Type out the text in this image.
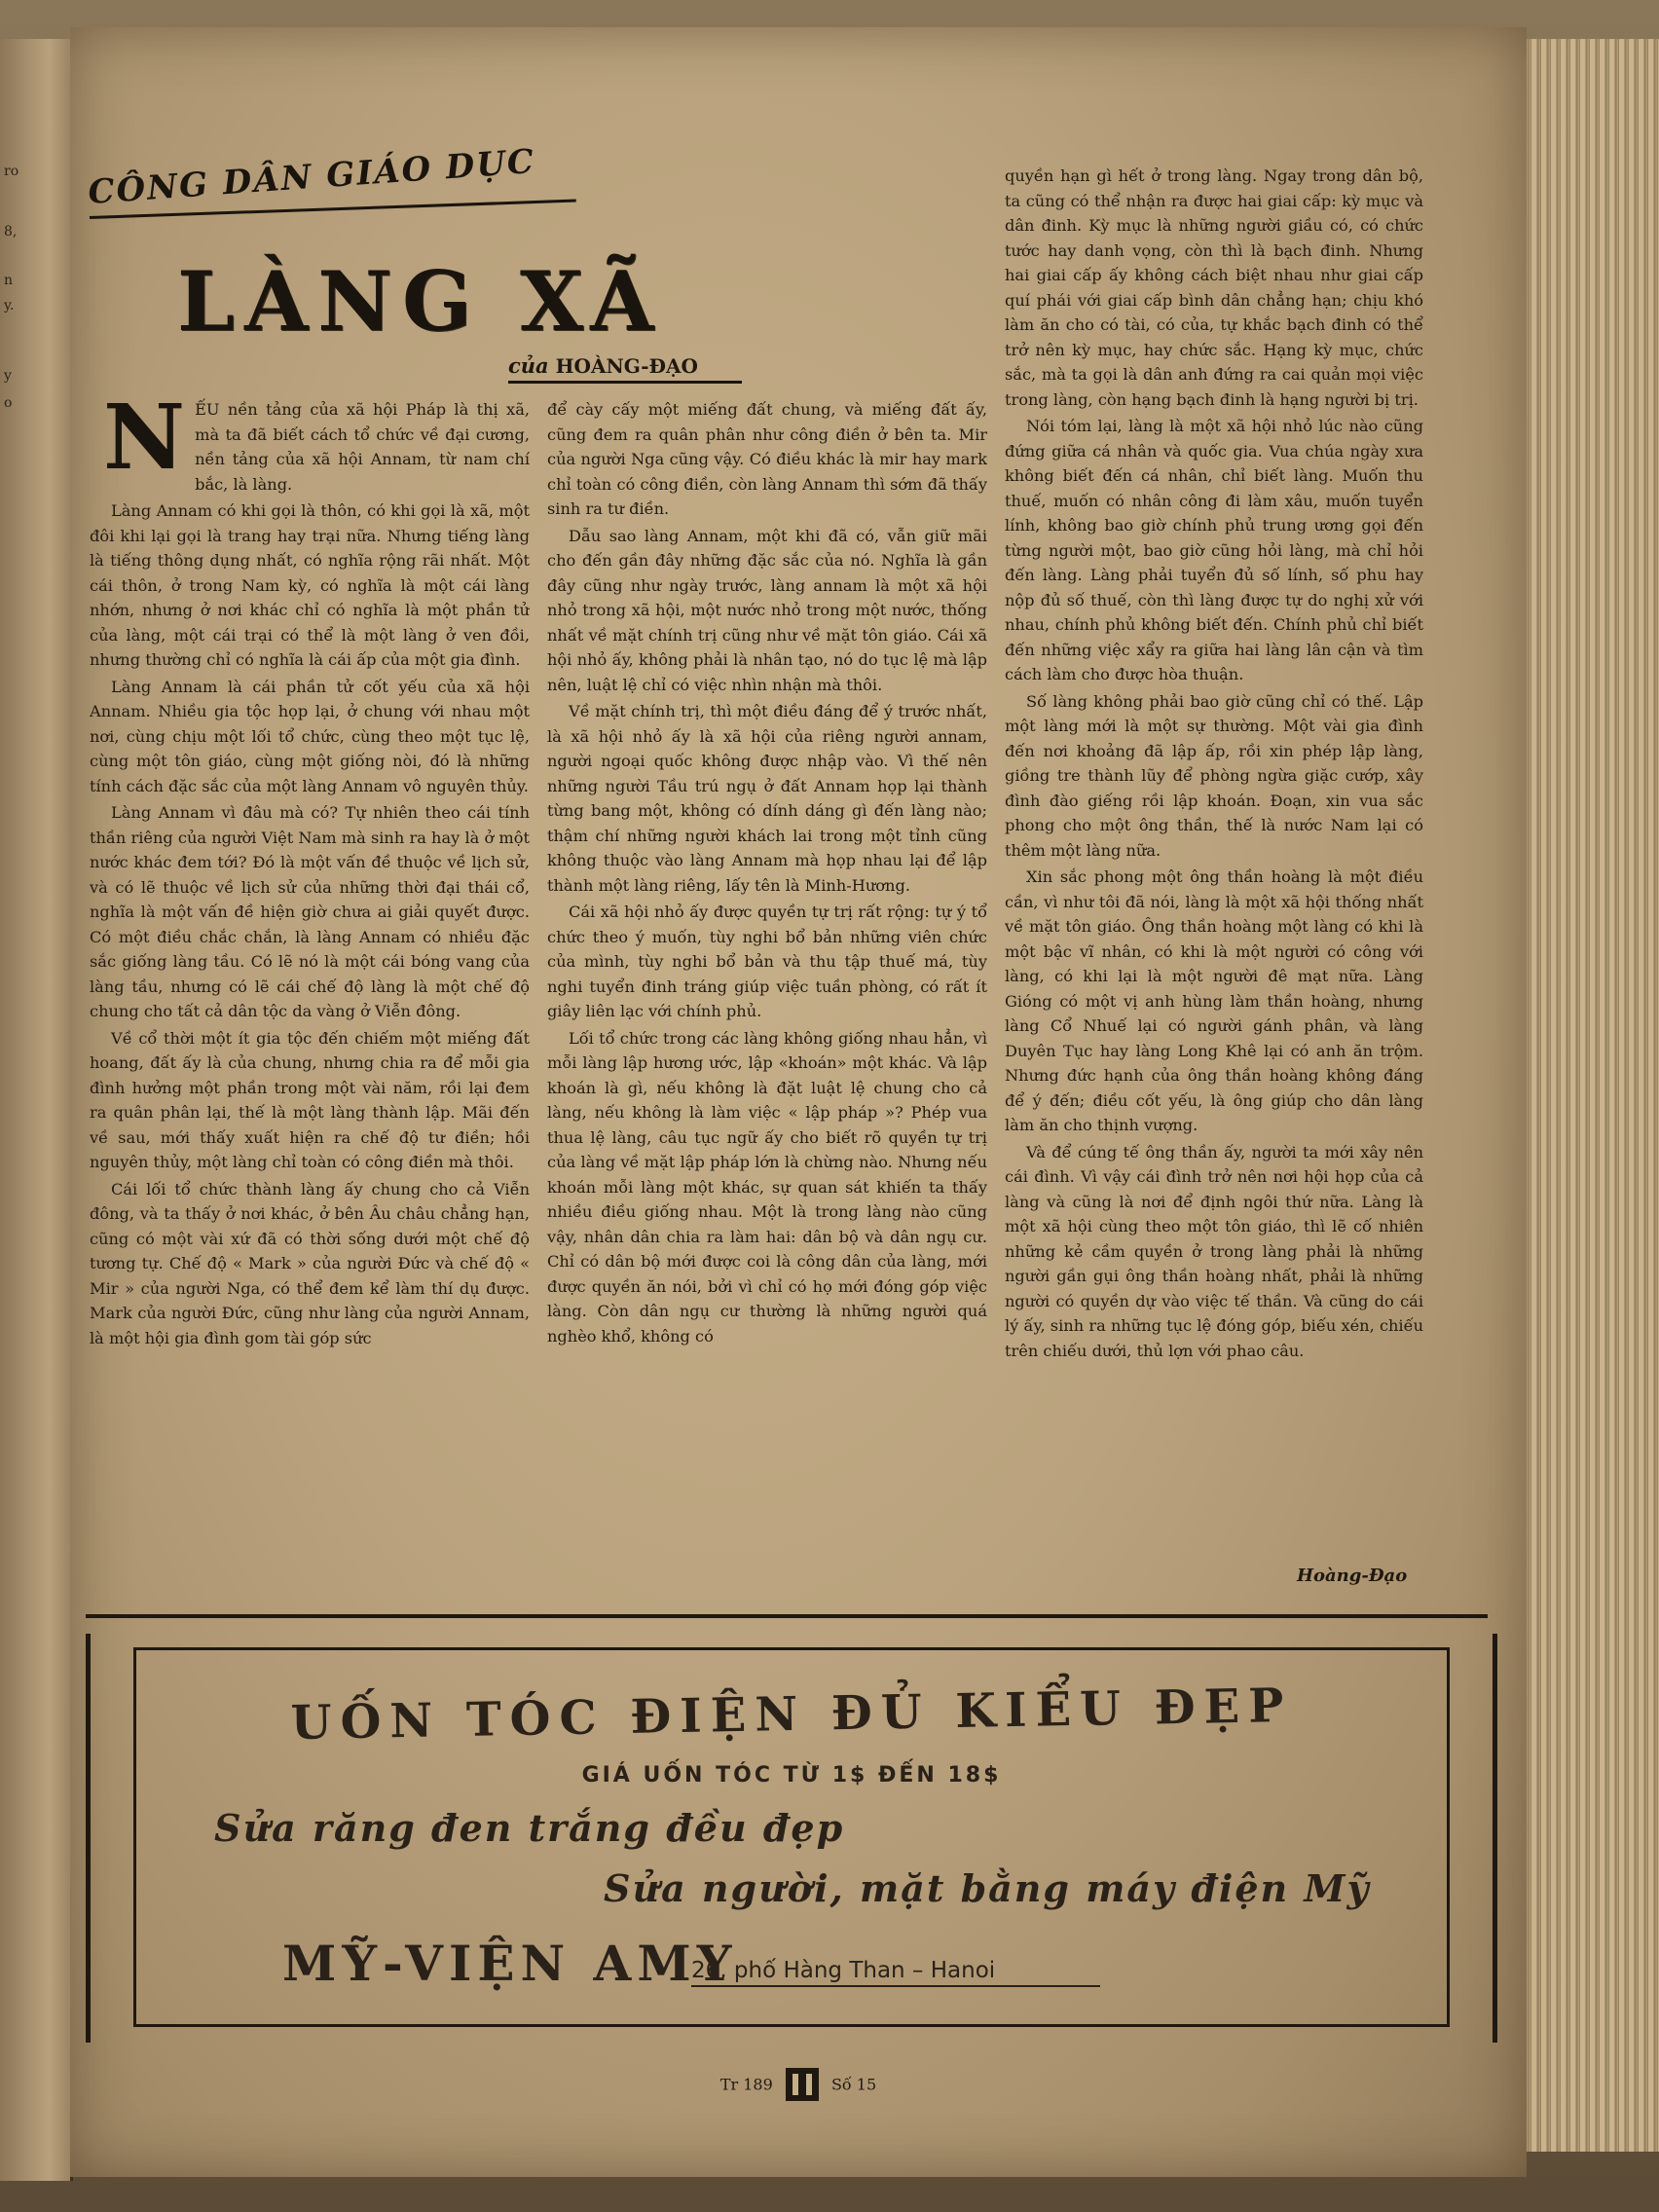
ro
8,
n
y.
y
o
CÔNG DÂN GIÁO DỤC
LÀNG XÃ
của HOÀNG-ĐẠO
N ẾU nền tảng của xã hội Pháp là thị xã, mà ta đã biết cách tổ chức về đại cương, nền tảng của xã hội Annam, từ nam chí bắc, là làng.

Làng Annam có khi gọi là thôn, có khi gọi là xã, một đôi khi lại gọi là trang hay trại nữa. Nhưng tiếng làng là tiếng thông dụng nhất, có nghĩa rộng rãi nhất. Một cái thôn, ở trong Nam kỳ, có nghĩa là một cái làng nhớn, nhưng ở nơi khác chỉ có nghĩa là một phần tử của làng, một cái trại có thể là một làng ở ven đồi, nhưng thường chỉ có nghĩa là cái ấp của một gia đình.

Làng Annam là cái phần tử cốt yếu của xã hội Annam. Nhiều gia tộc họp lại, ở chung với nhau một nơi, cùng chịu một lối tổ chức, cùng theo một tục lệ, cùng một tôn giáo, cùng một giống nòi, đó là những tính cách đặc sắc của một làng Annam vô nguyên thủy.

Làng Annam vì đâu mà có? Tự nhiên theo cái tính thần riêng của người Việt Nam mà sinh ra hay là ở một nước khác đem tới? Đó là một vấn đề thuộc về lịch sử, và có lẽ thuộc về lịch sử của những thời đại thái cổ, nghĩa là một vấn đề hiện giờ chưa ai giải quyết được. Có một điều chắc chắn, là làng Annam có nhiều đặc sắc giống làng tầu. Có lẽ nó là một cái bóng vang của làng tầu, nhưng có lẽ cái chế độ làng là một chế độ chung cho tất cả dân tộc da vàng ở Viễn đông.

Về cổ thời một ít gia tộc đến chiếm một miếng đất hoang, đất ấy là của chung, nhưng chia ra để mỗi gia đình hưởng một phần trong một vài năm, rồi lại đem ra quân phân lại, thế là một làng thành lập. Mãi đến về sau, mới thấy xuất hiện ra chế độ tư điền; hồi nguyên thủy, một làng chỉ toàn có công điền mà thôi.

Cái lối tổ chức thành làng ấy chung cho cả Viễn đông, và ta thấy ở nơi khác, ở bên Âu châu chẳng hạn, cũng có một vài xứ đã có thời sống dưới một chế độ tương tự. Chế độ « Mark » của người Đức và chế độ « Mir » của người Nga, có thể đem kể làm thí dụ được. Mark của người Đức, cũng như làng của người Annam, là một hội gia đình gom tài góp sức

để cày cấy một miếng đất chung, và miếng đất ấy, cũng đem ra quân phân như công điền ở bên ta. Mir của người Nga cũng vậy. Có điều khác là mir hay mark chỉ toàn có công điền, còn làng Annam thì sớm đã thấy sinh ra tư điền.

Dẫu sao làng Annam, một khi đã có, vẫn giữ mãi cho đến gần đây những đặc sắc của nó. Nghĩa là gần đây cũng như ngày trước, làng annam là một xã hội nhỏ trong xã hội, một nước nhỏ trong một nước, thống nhất về mặt chính trị cũng như về mặt tôn giáo. Cái xã hội nhỏ ấy, không phải là nhân tạo, nó do tục lệ mà lập nên, luật lệ chỉ có việc nhìn nhận mà thôi.

Về mặt chính trị, thì một điều đáng để ý trước nhất, là xã hội nhỏ ấy là xã hội của riêng người annam, người ngoại quốc không được nhập vào. Vì thế nên những người Tầu trú ngụ ở đất Annam họp lại thành từng bang một, không có dính dáng gì đến làng nào; thậm chí những người khách lai trong một tỉnh cũng không thuộc vào làng Annam mà họp nhau lại để lập thành một làng riêng, lấy tên là Minh-Hương.

Cái xã hội nhỏ ấy được quyền tự trị rất rộng: tự ý tổ chức theo ý muốn, tùy nghi bổ bản những viên chức của mình, tùy nghi bổ bản và thu tập thuế má, tùy nghi tuyển đinh tráng giúp việc tuần phòng, có rất ít giây liên lạc với chính phủ.

Lối tổ chức trong các làng không giống nhau hẳn, vì mỗi làng lập hương ước, lập «khoán» một khác. Và lập khoán là gì, nếu không là đặt luật lệ chung cho cả làng, nếu không là làm việc « lập pháp »? Phép vua thua lệ làng, câu tục ngữ ấy cho biết rõ quyền tự trị của làng về mặt lập pháp lớn là chừng nào. Nhưng nếu khoán mỗi làng một khác, sự quan sát khiến ta thấy nhiều điều giống nhau. Một là trong làng nào cũng vậy, nhân dân chia ra làm hai: dân bộ và dân ngụ cư. Chỉ có dân bộ mới được coi là công dân của làng, mới được quyền ăn nói, bởi vì chỉ có họ mới đóng góp việc làng. Còn dân ngụ cư thường là những người quá nghèo khổ, không có

quyền hạn gì hết ở trong làng. Ngay trong dân bộ, ta cũng có thể nhận ra được hai giai cấp: kỳ mục và dân đinh. Kỳ mục là những người giầu có, có chức tước hay danh vọng, còn thì là bạch đinh. Nhưng hai giai cấp ấy không cách biệt nhau như giai cấp quí phái với giai cấp bình dân chẳng hạn; chịu khó làm ăn cho có tài, có của, tự khắc bạch đinh có thể trở nên kỳ mục, hay chức sắc. Hạng kỳ mục, chức sắc, mà ta gọi là dân anh đứng ra cai quản mọi việc trong làng, còn hạng bạch đinh là hạng người bị trị.

Nói tóm lại, làng là một xã hội nhỏ lúc nào cũng đứng giữa cá nhân và quốc gia. Vua chúa ngày xưa không biết đến cá nhân, chỉ biết làng. Muốn thu thuế, muốn có nhân công đi làm xâu, muốn tuyển lính, không bao giờ chính phủ trung ương gọi đến từng người một, bao giờ cũng hỏi làng, mà chỉ hỏi đến làng. Làng phải tuyển đủ số lính, số phu hay nộp đủ số thuế, còn thì làng được tự do nghị xử với nhau, chính phủ không biết đến. Chính phủ chỉ biết đến những việc xẩy ra giữa hai làng lân cận và tìm cách làm cho được hòa thuận.

Số làng không phải bao giờ cũng chỉ có thế. Lập một làng mới là một sự thường. Một vài gia đình đến nơi khoảng đã lập ấp, rồi xin phép lập làng, giồng tre thành lũy để phòng ngừa giặc cướp, xây đình đào giếng rồi lập khoán. Đoạn, xin vua sắc phong cho một ông thần, thế là nước Nam lại có thêm một làng nữa.

Xin sắc phong một ông thần hoàng là một điều cần, vì như tôi đã nói, làng là một xã hội thống nhất về mặt tôn giáo. Ông thần hoàng một làng có khi là một bậc vĩ nhân, có khi là một người có công với làng, có khi lại là một người đê mạt nữa. Làng Gióng có một vị anh hùng làm thần hoàng, nhưng làng Cổ Nhuế lại có người gánh phân, và làng Duyên Tục hay làng Long Khê lại có anh ăn trộm. Nhưng đức hạnh của ông thần hoàng không đáng để ý đến; điều cốt yếu, là ông giúp cho dân làng làm ăn cho thịnh vượng.

Và để cúng tế ông thần ấy, người ta mới xây nên cái đình. Vì vậy cái đình trở nên nơi hội họp của cả làng và cũng là nơi để định ngôi thứ nữa. Làng là một xã hội cùng theo một tôn giáo, thì lẽ cố nhiên những kẻ cầm quyền ở trong làng phải là những người gần gụi ông thần hoàng nhất, phải là những người có quyền dự vào việc tế thần. Và cũng do cái lý ấy, sinh ra những tục lệ đóng góp, biếu xén, chiếu trên chiếu dưới, thủ lợn với phao câu.

Hoàng-Đạo
UỐN TÓC ĐIỆN ĐỦ KIỂU ĐẸP
GIÁ UỐN TÓC TỪ 1$ ĐẾN 18$
Sửa răng đen trắng đều đẹp
Sửa người, mặt bằng máy điện Mỹ
MỸ-VIỆN AMY
26, phố Hàng Than – Hanoi
Tr 189	Số 15
